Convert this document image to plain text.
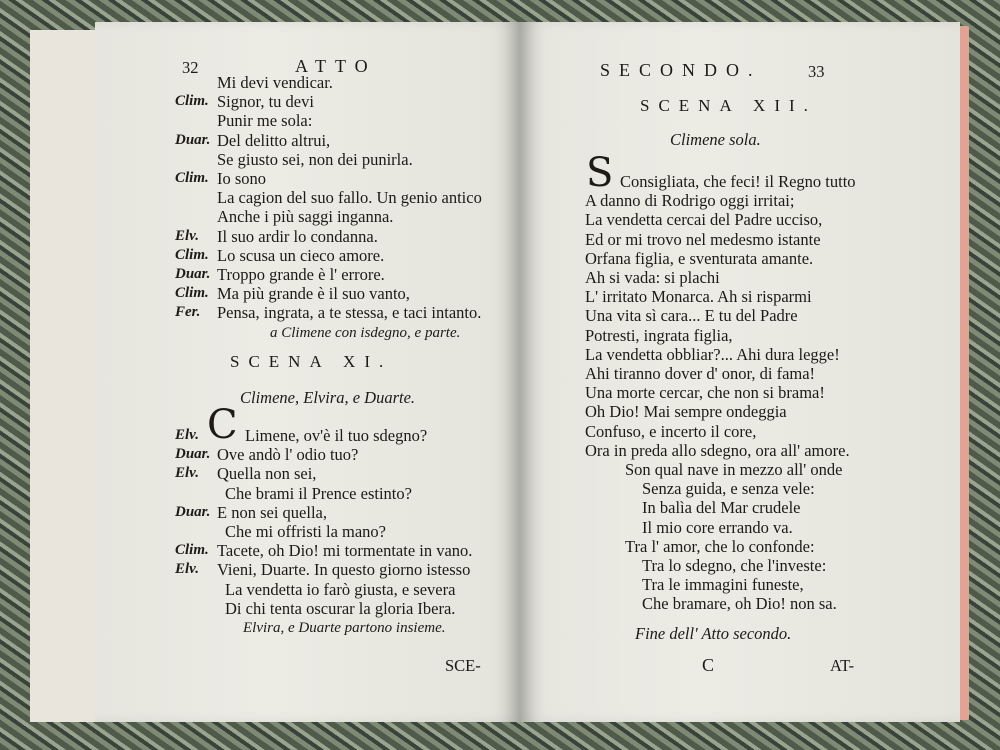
32	ATTO
Mi devi vendicar.
Clim. Signor, tu devi
Punir me sola:
Duar. Del delitto altrui,
Se giusto sei, non dei punirla.
Clim. Io sono
La cagion del suo fallo. Un genio antico
Anche i più saggi inganna.
Elv. Il suo ardir lo condanna.
Clim. Lo scusa un cieco amore.
Duar. Troppo grande è l' errore.
Clim. Ma più grande è il suo vanto,
Fer. Pensa, ingrata, a te stessa, e taci intanto.
a Climene con isdegno, e parte.
SCENA XI.
Climene, Elvira, e Duarte.
C
Elv.	Limene, ov'è il tuo sdegno?
Duar. Ove andò l' odio tuo?
Elv. Quella non sei,
Che brami il Prence estinto?
Duar. E non sei quella,
Che mi offristi la mano?
Clim. Tacete, oh Dio! mi tormentate in vano.
Elv. Vieni, Duarte. In questo giorno istesso
La vendetta io farò giusta, e severa
Di chi tenta oscurar la gloria Ibera.
Elvira, e Duarte partono insieme.
SCE-
SECONDO.	33
SCENA XII.
Climene sola.
S Consigliata, che feci! il Regno tutto
A danno di Rodrigo oggi irritai;
La vendetta cercai del Padre ucciso,
Ed or mi trovo nel medesmo istante
Orfana figlia, e sventurata amante.
Ah si vada: si plachi
L' irritato Monarca. Ah si risparmi
Una vita sì cara... E tu del Padre
Potresti, ingrata figlia,
La vendetta obbliar?... Ahi dura legge!
Ahi tiranno dover d' onor, di fama!
Una morte cercar, che non si brama!
Oh Dio! Mai sempre ondeggia
Confuso, e incerto il core,
Ora in preda allo sdegno, ora all' amore.
Son qual nave in mezzo all' onde
Senza guida, e senza vele:
In balìa del Mar crudele
Il mio core errando va.
Tra l' amor, che lo confonde:
Tra lo sdegno, che l'investe:
Tra le immagini funeste,
Che bramare, oh Dio! non sa.
Fine dell' Atto secondo.
C	AT-
